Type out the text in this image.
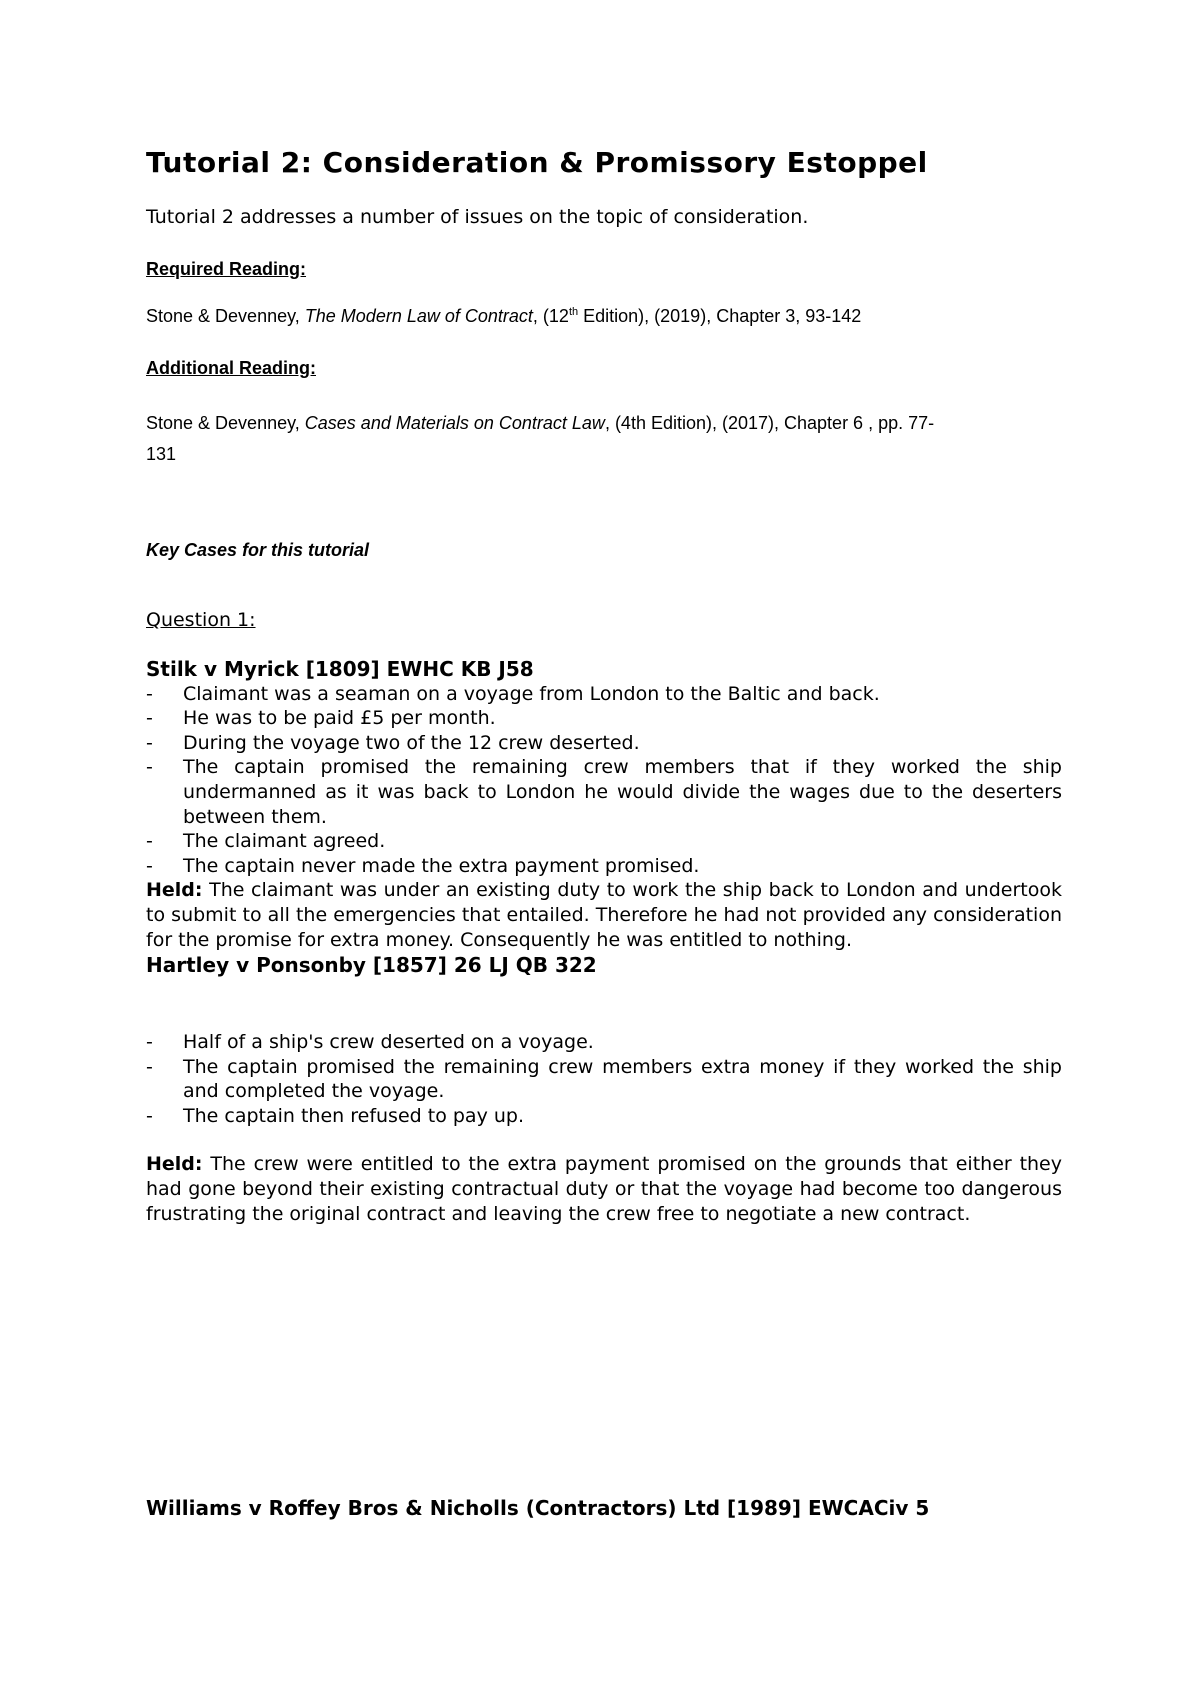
Tutorial 2: Consideration & Promissory Estoppel

Tutorial 2 addresses a number of issues on the topic of consideration.

Required Reading:

Stone & Devenney, The Modern Law of Contract, (12th Edition), (2019), Chapter 3, 93-142

Additional Reading:

Stone & Devenney, Cases and Materials on Contract Law, (4th Edition), (2017), Chapter 6 , pp. 77-
131

Key Cases for this tutorial

Question 1:

Stilk v Myrick [1809] EWHC KB J58
- Claimant was a seaman on a voyage from London to the Baltic and back.
- He was to be paid £5 per month.
- During the voyage two of the 12 crew deserted.
- The captain promised the remaining crew members that if they worked the ship undermanned as it was back to London he would divide the wages due to the deserters between them.
- The claimant agreed.
- The captain never made the extra payment promised.
Held: The claimant was under an existing duty to work the ship back to London and undertook to submit to all the emergencies that entailed. Therefore he had not provided any consideration for the promise for extra money. Consequently he was entitled to nothing.
Hartley v Ponsonby [1857] 26 LJ QB 322
- Half of a ship's crew deserted on a voyage.
- The captain promised the remaining crew members extra money if they worked the ship and completed the voyage.
- The captain then refused to pay up.
Held: The crew were entitled to the extra payment promised on the grounds that either they had gone beyond their existing contractual duty or that the voyage had become too dangerous frustrating the original contract and leaving the crew free to negotiate a new contract.
Williams v Roffey Bros & Nicholls (Contractors) Ltd [1989] EWCACiv 5
